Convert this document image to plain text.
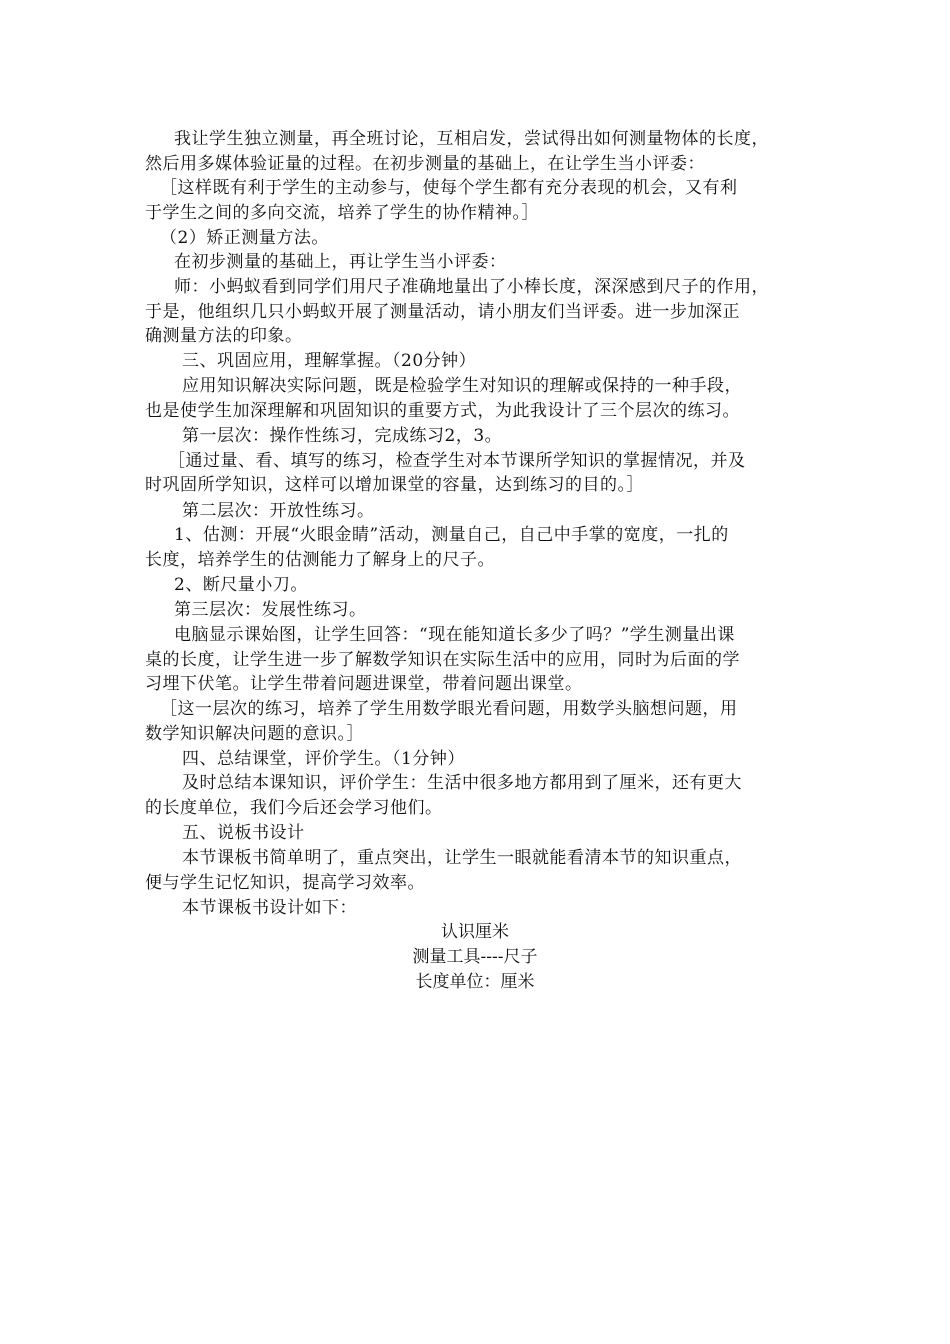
我让学生独立测量，再全班讨论，互相启发，尝试得出如何测量物体的长度，
然后用多媒体验证量的过程。在初步测量的基础上，在让学生当小评委：
［这样既有利于学生的主动参与，使每个学生都有充分表现的机会，又有利
于学生之间的多向交流，培养了学生的协作精神。］
（2）矫正测量方法。
在初步测量的基础上，再让学生当小评委：
师：小蚂蚁看到同学们用尺子准确地量出了小棒长度，深深感到尺子的作用，
于是，他组织几只小蚂蚁开展了测量活动，请小朋友们当评委。进一步加深正
确测量方法的印象。
三、巩固应用，理解掌握。（20分钟）
应用知识解决实际问题，既是检验学生对知识的理解或保持的一种手段，
也是使学生加深理解和巩固知识的重要方式，为此我设计了三个层次的练习。
第一层次：操作性练习，完成练习2，3。
［通过量、看、填写的练习，检查学生对本节课所学知识的掌握情况，并及
时巩固所学知识，这样可以增加课堂的容量，达到练习的目的。］
第二层次：开放性练习。
1、估测：开展“火眼金睛”活动，测量自己，自己中手掌的宽度，一扎的
长度，培养学生的估测能力了解身上的尺子。
2、断尺量小刀。
第三层次：发展性练习。
电脑显示课始图，让学生回答：“现在能知道长多少了吗？”学生测量出课
桌的长度，让学生进一步了解数学知识在实际生活中的应用，同时为后面的学
习埋下伏笔。让学生带着问题进课堂，带着问题出课堂。
［这一层次的练习，培养了学生用数学眼光看问题，用数学头脑想问题，用
数学知识解决问题的意识。］
四、总结课堂，评价学生。（1分钟）
及时总结本课知识，评价学生：生活中很多地方都用到了厘米，还有更大
的长度单位，我们今后还会学习他们。
五、说板书设计
本节课板书简单明了，重点突出，让学生一眼就能看清本节的知识重点，
便与学生记忆知识，提高学习效率。
本节课板书设计如下：
认识厘米
测量工具----尺子
长度单位：厘米
